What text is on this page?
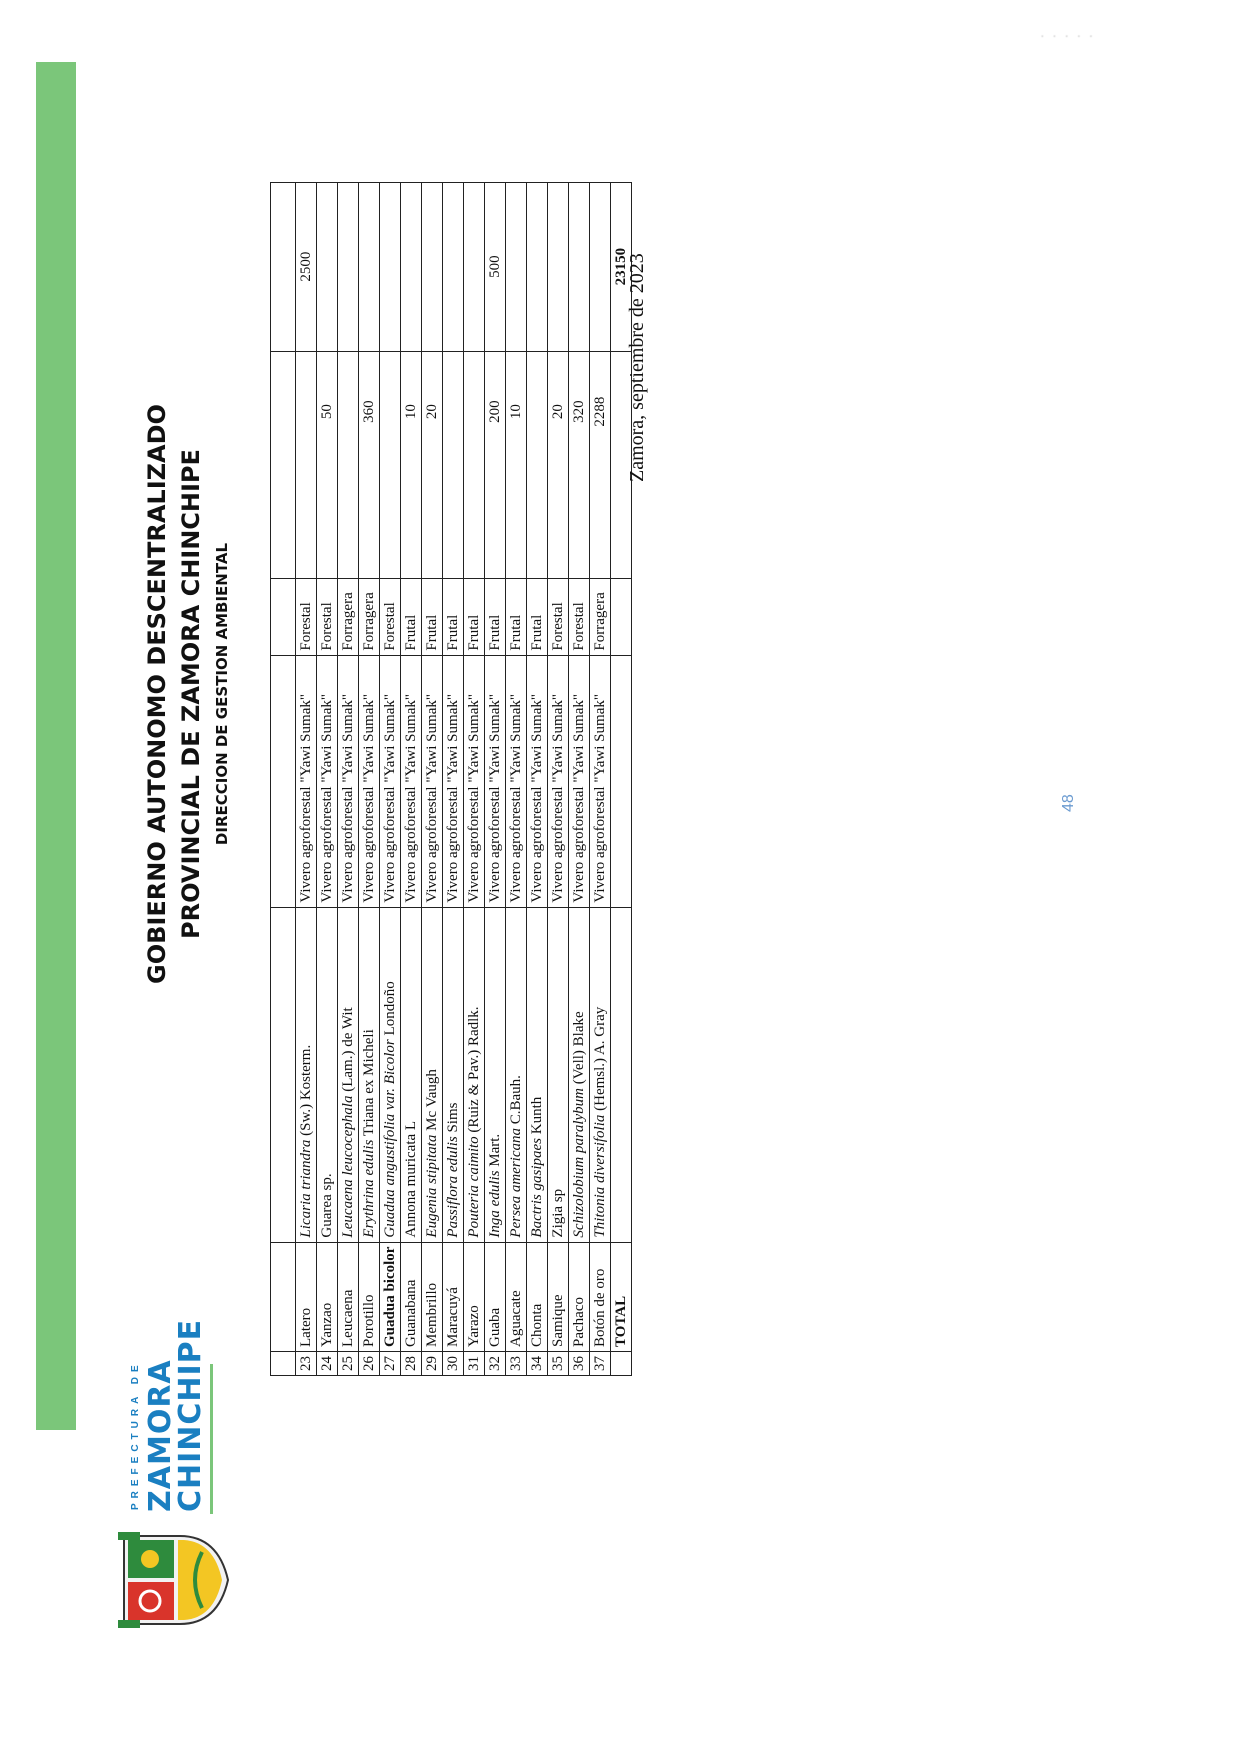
· · · · ·
PREFECTURA DE ZAMORA
CHINCHIPE
GOBIERNO AUTONOMO DESCENTRALIZADO PROVINCIAL DE ZAMORA CHINCHIPE DIRECCION DE GESTION AMBIENTAL	48

23	Latero	Licaria triandra (Sw.) Kosterm.	Vivero agroforestal "Yawi Sumak"	Forestal			2500
24	Yanzao	Guarea sp.	Vivero agroforestal "Yawi Sumak"	Forestal		50	
25	Leucaena	Leucaena leucocephala (Lam.) de Wit	Vivero agroforestal "Yawi Sumak"	Forragera			
26	Porotillo	Erythrina edulis Triana ex Micheli	Vivero agroforestal "Yawi Sumak"	Forragera		360	
27	Guadua bicolor	Guadua angustifolia var. Bicolor Londoño	Vivero agroforestal "Yawi Sumak"	Forestal			
28	Guanabana	Annona muricata L	Vivero agroforestal "Yawi Sumak"	Frutal		10	
29	Membrillo	Eugenia stipitata Mc Vaugh	Vivero agroforestal "Yawi Sumak"	Frutal		20	
30	Maracuyá	Passiflora edulis Sims	Vivero agroforestal "Yawi Sumak"	Frutal			
31	Yarazo	Pouteria caimito (Ruiz & Pav.) Radlk.	Vivero agroforestal "Yawi Sumak"	Frutal			
32	Guaba	Inga edulis Mart.	Vivero agroforestal "Yawi Sumak"	Frutal		200	500
33	Aguacate	Persea americana C.Bauh.	Vivero agroforestal "Yawi Sumak"	Frutal		10	
34	Chonta	Bactris gasipaes Kunth	Vivero agroforestal "Yawi Sumak"	Frutal			
35	Samique	Zigia sp	Vivero agroforestal "Yawi Sumak"	Forestal		20	
36	Pachaco	Schizolobium paralybum (Vell) Blake	Vivero agroforestal "Yawi Sumak"	Forestal		320	
37	Botón de oro	Thitonia diversifolia (Hemsl.) A. Gray	Vivero agroforestal "Yawi Sumak"	Forragera		2288	
	TOTAL						23150
Zamora, septiembre de 2023
